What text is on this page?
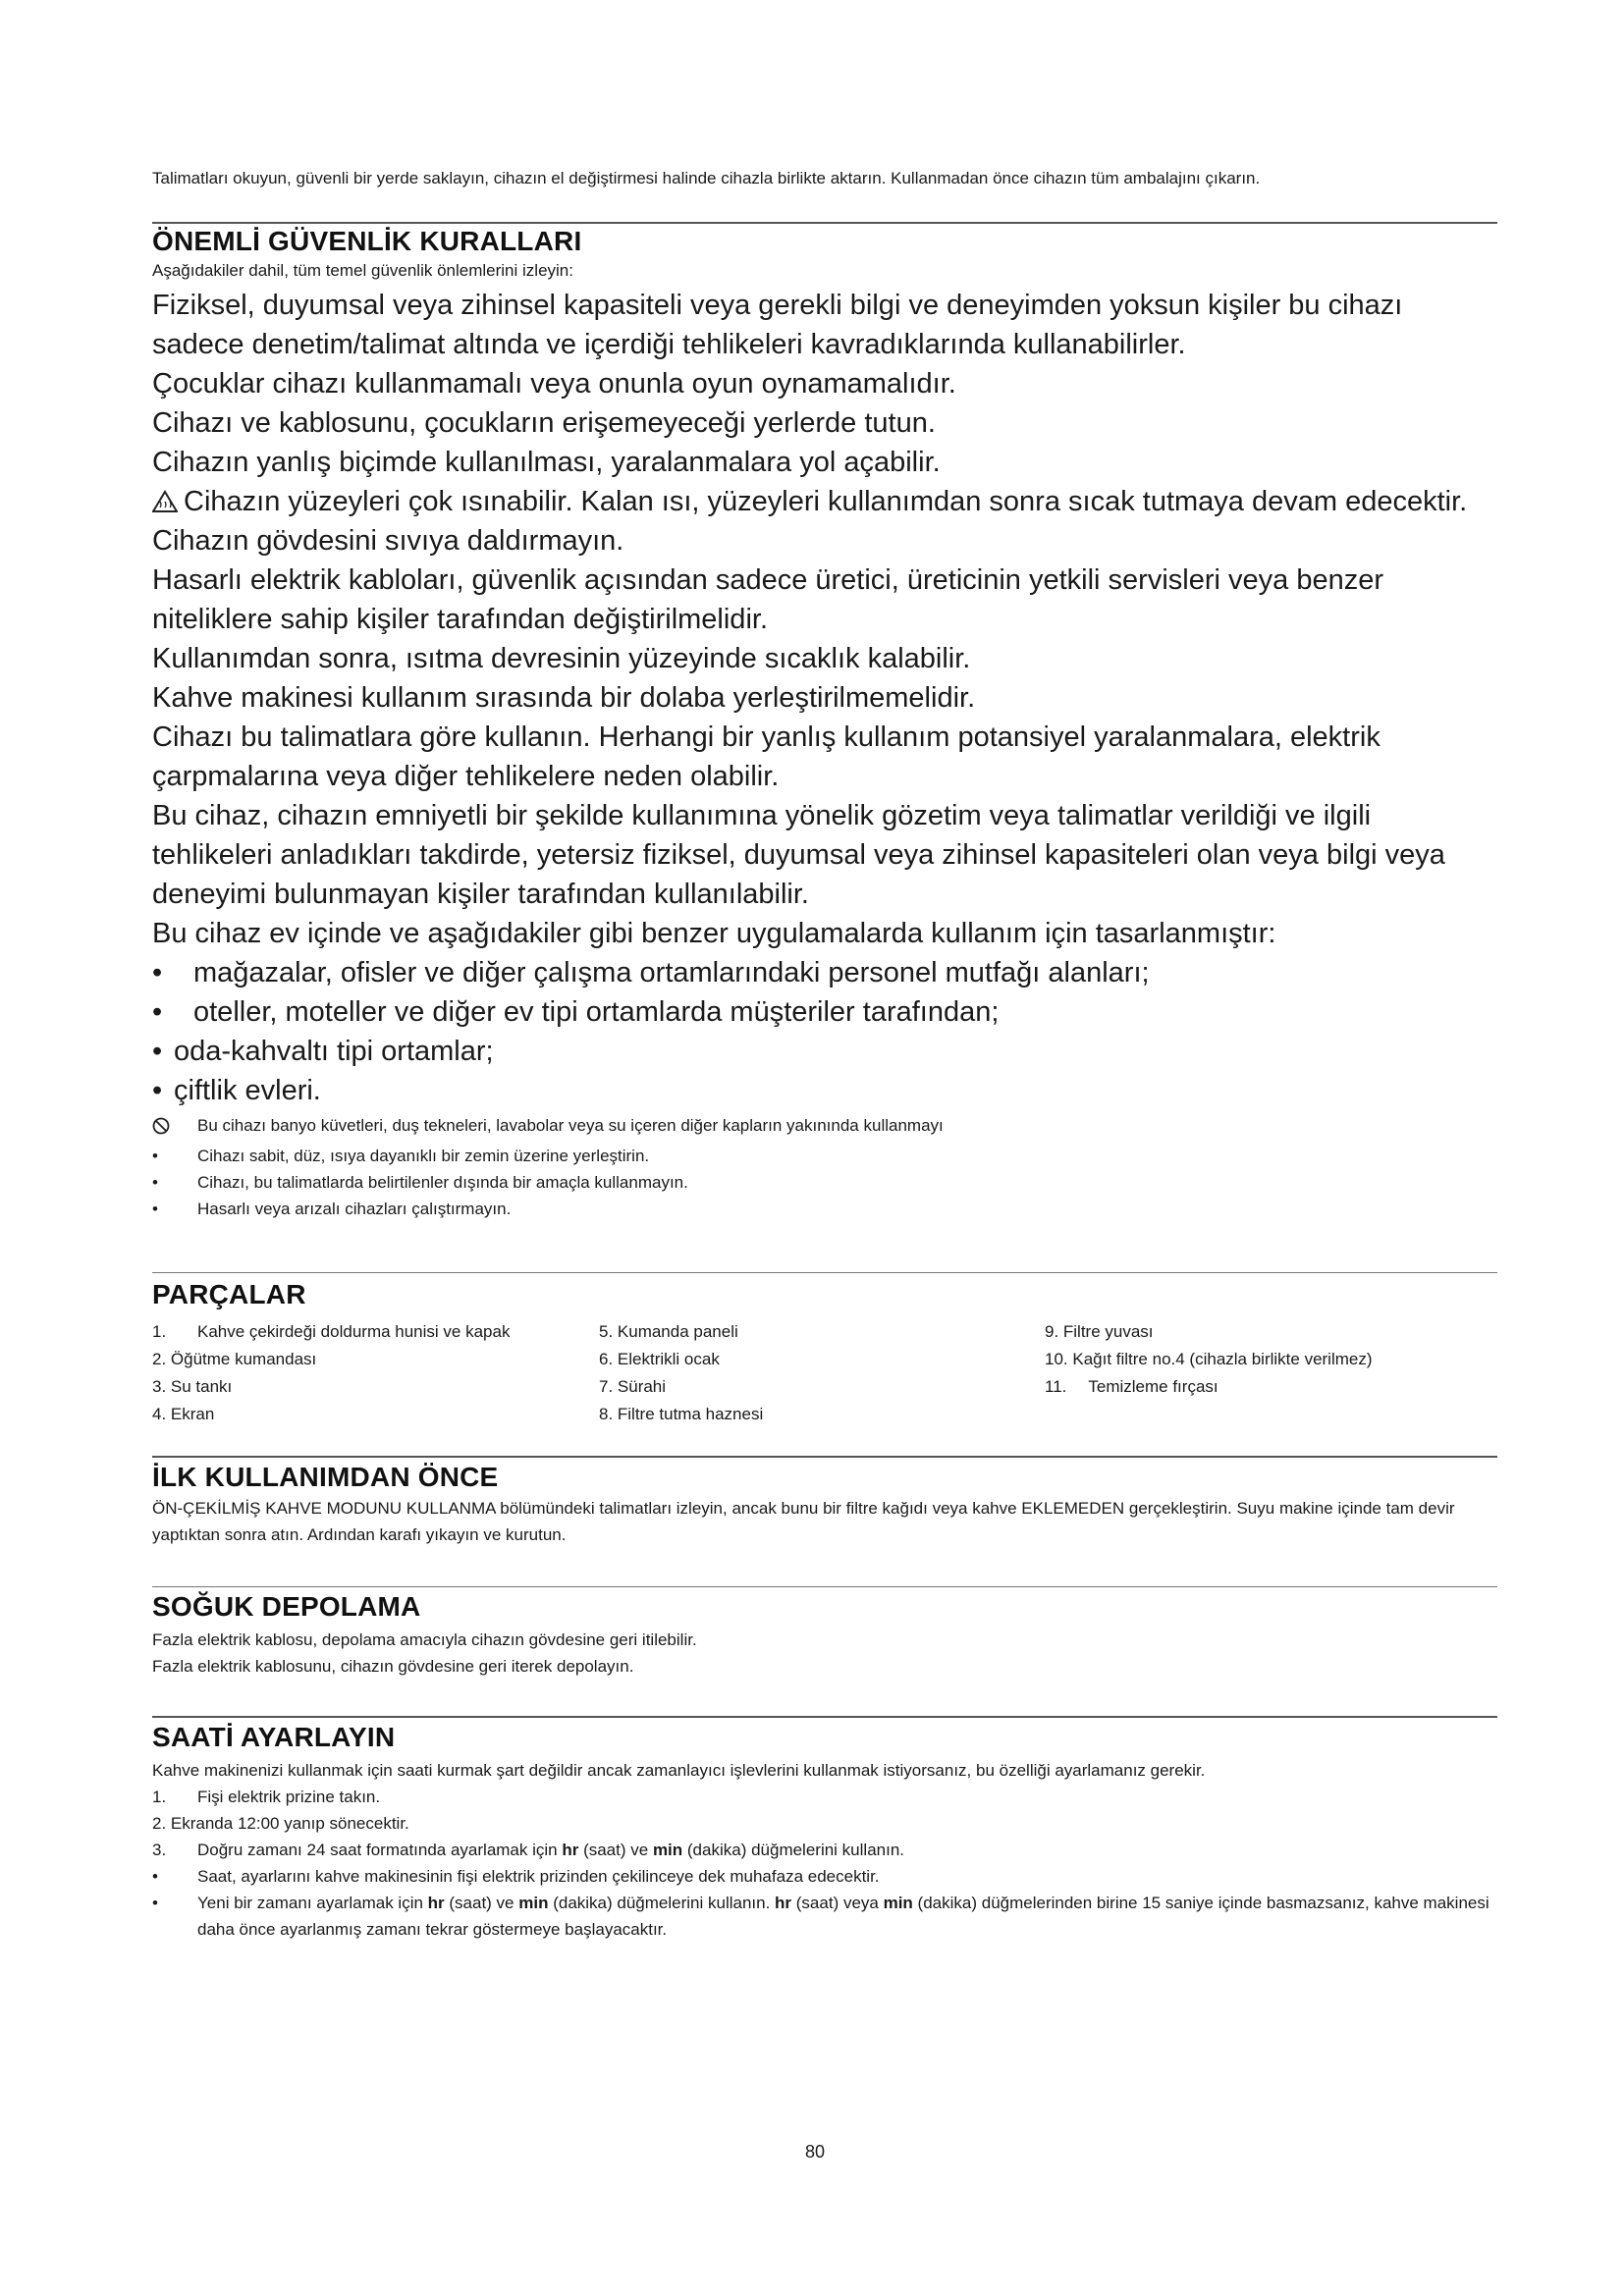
Talimatları okuyun, güvenli bir yerde saklayın, cihazın el değiştirmesi halinde cihazla birlikte aktarın. Kullanmadan önce cihazın tüm ambalajını çıkarın.
ÖNEMLİ GÜVENLİK KURALLARI
Aşağıdakiler dahil, tüm temel güvenlik önlemlerini izleyin:

Fiziksel, duyumsal veya zihinsel kapasiteli veya gerekli bilgi ve deneyimden yoksun kişiler bu cihazı sadece denetim/talimat altında ve içerdiği tehlikeleri kavradıklarında kullanabilirler.

Çocuklar cihazı kullanmamalı veya onunla oyun oynamamalıdır.

Cihazı ve kablosunu, çocukların erişemeyeceği yerlerde tutun.

Cihazın yanlış biçimde kullanılması, yaralanmalara yol açabilir.

Cihazın yüzeyleri çok ısınabilir. Kalan ısı, yüzeyleri kullanımdan sonra sıcak tutmaya devam edecektir.

Cihazın gövdesini sıvıya daldırmayın.

Hasarlı elektrik kabloları, güvenlik açısından sadece üretici, üreticinin yetkili servisleri veya benzer niteliklere sahip kişiler tarafından değiştirilmelidir.

Kullanımdan sonra, ısıtma devresinin yüzeyinde sıcaklık kalabilir.

Kahve makinesi kullanım sırasında bir dolaba yerleştirilmemelidir.

Cihazı bu talimatlara göre kullanın. Herhangi bir yanlış kullanım potansiyel yaralanmalara, elektrik çarpmalarına veya diğer tehlikelere neden olabilir.

Bu cihaz, cihazın emniyetli bir şekilde kullanımına yönelik gözetim veya talimatlar verildiği ve ilgili tehlikeleri anladıkları takdirde, yetersiz fiziksel, duyumsal veya zihinsel kapasiteleri olan veya bilgi veya deneyimi bulunmayan kişiler tarafından kullanılabilir.

Bu cihaz ev içinde ve aşağıdakiler gibi benzer uygulamalarda kullanım için tasarlanmıştır:

•	mağazalar, ofisler ve diğer çalışma ortamlarındaki personel mutfağı alanları;
•	oteller, moteller ve diğer ev tipi ortamlarda müşteriler tarafından;
• oda-kahvaltı tipi ortamlar;
• çiftlik evleri.
Bu cihazı banyo küvetleri, duş tekneleri, lavabolar veya su içeren diğer kapların yakınında kullanmayı
•	Cihazı sabit, düz, ısıya dayanıklı bir zemin üzerine yerleştirin.
•	Cihazı, bu talimatlarda belirtilenler dışında bir amaçla kullanmayın.
•	Hasarlı veya arızalı cihazları çalıştırmayın.
PARÇALAR
1.	Kahve çekirdeği doldurma hunisi ve kapak
2. Öğütme kumandası
3. Su tankı
4. Ekran
5. Kumanda paneli
6. Elektrikli ocak
7. Sürahi
8. Filtre tutma haznesi
9. Filtre yuvası
10. Kağıt filtre no.4 (cihazla birlikte verilmez)
11. Temizleme fırçası
İLK KULLANIMDAN ÖNCE
ÖN-ÇEKİLMİŞ KAHVE MODUNU KULLANMA bölümündeki talimatları izleyin, ancak bunu bir filtre kağıdı veya kahve EKLEMEDEN gerçekleştirin. Suyu makine içinde tam devir yaptıktan sonra atın. Ardından karafı yıkayın ve kurutun.
SOĞUK DEPOLAMA
Fazla elektrik kablosu, depolama amacıyla cihazın gövdesine geri itilebilir.
Fazla elektrik kablosunu, cihazın gövdesine geri iterek depolayın.
SAATİ AYARLAYIN
Kahve makinenizi kullanmak için saati kurmak şart değildir ancak zamanlayıcı işlevlerini kullanmak istiyorsanız, bu özelliği ayarlamanız gerekir.
1.	Fişi elektrik prizine takın.
2. Ekranda 12:00 yanıp sönecektir.
3.	Doğru zamanı 24 saat formatında ayarlamak için hr (saat) ve min (dakika) düğmelerini kullanın.
•	Saat, ayarlarını kahve makinesinin fişi elektrik prizinden çekilinceye dek muhafaza edecektir.
•	Yeni bir zamanı ayarlamak için hr (saat) ve min (dakika) düğmelerini kullanın. hr (saat) veya min (dakika) düğmelerinden birine 15 saniye içinde basmazsanız, kahve makinesi daha önce ayarlanmış zamanı tekrar göstermeye başlayacaktır.
80
